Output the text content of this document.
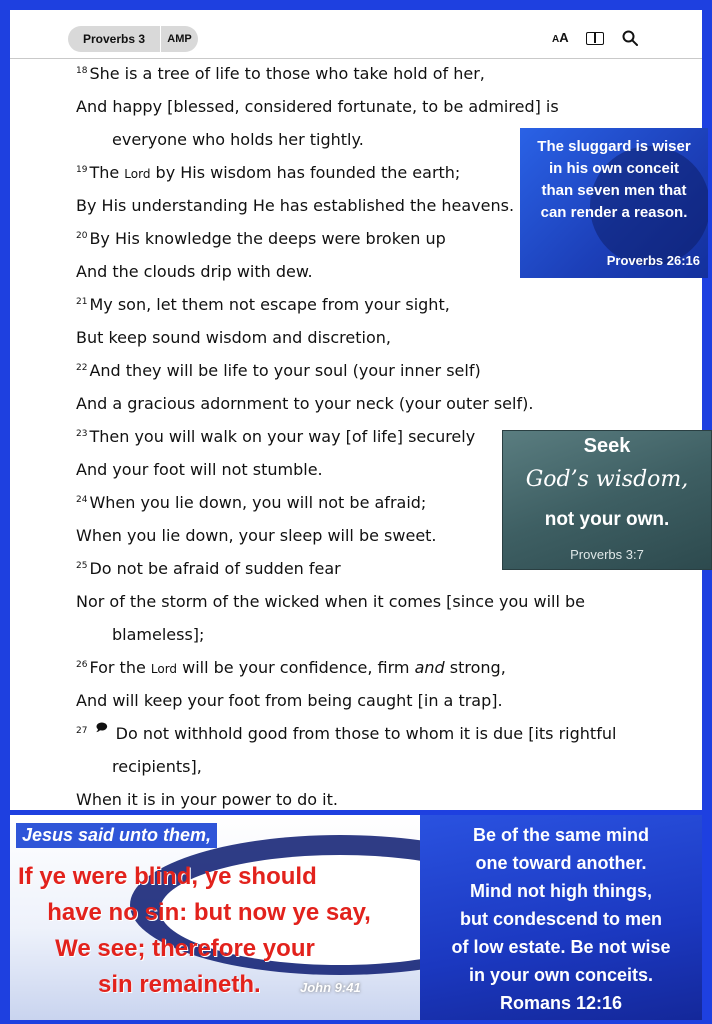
Proverbs 3	AMP	AA
$^{18}$ She is a tree of life to those who take hold of her,
And happy [blessed, considered fortunate, to be admired] is
everyone who holds her tightly.
$^{19}$ The Lord by His wisdom has founded the earth;
By His understanding He has established the heavens.
$^{20}$ By His knowledge the deeps were broken up
And the clouds drip with dew.
$^{21}$ My son, let them not escape from your sight,
But keep sound wisdom and discretion,
$^{22}$ And they will be life to your soul (your inner self)
And a gracious adornment to your neck (your outer self).
$^{23}$ Then you will walk on your way [of life] securely
And your foot will not stumble.
$^{24}$ When you lie down, you will not be afraid;
When you lie down, your sleep will be sweet.
$^{25}$ Do not be afraid of sudden fear
Nor of the storm of the wicked when it comes [since you will be
blameless];
$^{26}$ For the Lord will be your confidence, firm and strong,
And will keep your foot from being caught [in a trap].
$^{27}$ 🗩 Do not withhold good from those to whom it is due [its rightful
recipients],
When it is in your power to do it.
The sluggard is wiser
in his own conceit
than seven men that
can render a reason.
Proverbs 26:16
Seek
God’s wisdom,
not your own.
Proverbs 3:7
Jesus said unto them,
If ye were blind, ye should
have no sin: but now ye say,
We see; therefore your
sin remaineth.	John 9:41
Be of the same mind
one toward another.
Mind not high things,
but condescend to men
of low estate. Be not wise
in your own conceits.
Romans 12:16
